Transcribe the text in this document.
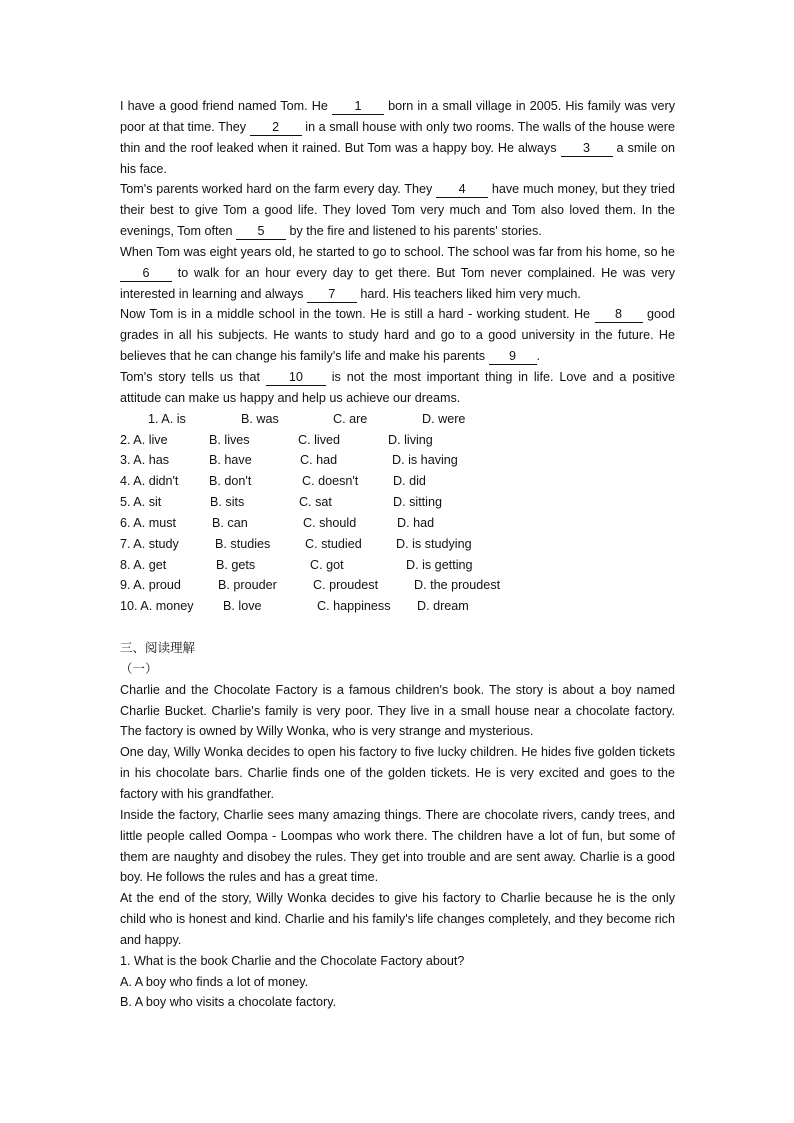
I have a good friend named Tom. He 1 born in a small village in 2005. His family was very poor at that time. They 2 in a small house with only two rooms. The walls of the house were thin and the roof leaked when it rained. But Tom was a happy boy. He always 3 a smile on his face.

Tom's parents worked hard on the farm every day. They 4 have much money, but they tried their best to give Tom a good life. They loved Tom very much and Tom also loved them. In the evenings, Tom often 5 by the fire and listened to his parents' stories.

When Tom was eight years old, he started to go to school. The school was far from his home, so he 6 to walk for an hour every day to get there. But Tom never complained. He was very interested in learning and always 7 hard. His teachers liked him very much.

Now Tom is in a middle school in the town. He is still a hard - working student. He 8 good grades in all his subjects. He wants to study hard and go to a good university in the future. He believes that he can change his family's life and make his parents 9 .

Tom's story tells us that 10 is not the most important thing in life. Love and a positive attitude can make us happy and help us achieve our dreams.

1. A. is	B. was	C. are	D. were
2. A. live	B. lives	C. lived	D. living
3. A. has	B. have	C. had	D. is having
4. A. didn't	B. don't	C. doesn't	D. did
5. A. sit	B. sits	C. sat	D. sitting
6. A. must	B. can	C. should	D. had
7. A. study	B. studies	C. studied	D. is studying
8. A. get	B. gets	C. got	D. is getting
9. A. proud	B. prouder	C. proudest	D. the proudest
10. A. money	B. love	C. happiness	D. dream
三、阅读理解
（一）

Charlie and the Chocolate Factory is a famous children's book. The story is about a boy named Charlie Bucket. Charlie's family is very poor. They live in a small house near a chocolate factory. The factory is owned by Willy Wonka, who is very strange and mysterious.

One day, Willy Wonka decides to open his factory to five lucky children. He hides five golden tickets in his chocolate bars. Charlie finds one of the golden tickets. He is very excited and goes to the factory with his grandfather.

Inside the factory, Charlie sees many amazing things. There are chocolate rivers, candy trees, and little people called Oompa - Loompas who work there. The children have a lot of fun, but some of them are naughty and disobey the rules. They get into trouble and are sent away. Charlie is a good boy. He follows the rules and has a great time.

At the end of the story, Willy Wonka decides to give his factory to Charlie because he is the only child who is honest and kind. Charlie and his family's life changes completely, and they become rich and happy.

1. What is the book Charlie and the Chocolate Factory about?

A. A boy who finds a lot of money.

B. A boy who visits a chocolate factory.
